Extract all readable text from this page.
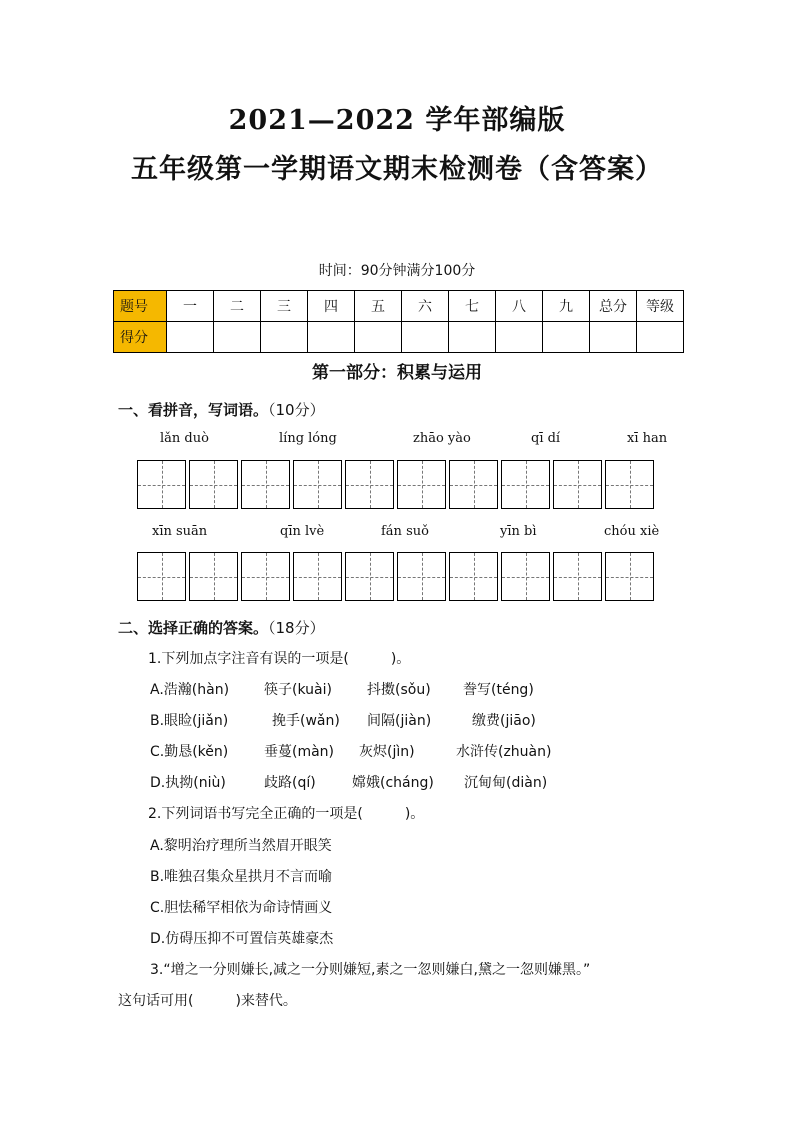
2021—2022 学年部编版
五年级第一学期语文期末检测卷（含答案）
时间：90分钟满分100分
题号	一	二	三	四	五	六	七	八	九	总分	等级
得分											
第一部分：积累与运用
一、看拼音，写词语。（10分）
lǎn duò	líng lóng	zhāo yào	qī dí	xī han
xīn suān	qīn lvè	fán suǒ	yīn bì	chóu xiè
二、选择正确的答案。（18分）
1.下列加点字注音有误的一项是(　　　)。
A.浩瀚(hàn) 筷子(kuài)	抖擞(sǒu) 誊写(téng)
B.眼睑(jiǎn)	挽手(wǎn) 间隔(jiàn)	缴费(jiāo)
C.勤恳(kěn)	垂蔓(màn) 灰烬(jìn)	水浒传(zhuàn)
D.执拗(niù)	歧路(qí)	嫦娥(cháng) 沉甸甸(diàn)
2.下列词语书写完全正确的一项是(　　　)。
A.黎明治疗理所当然眉开眼笑
B.唯独召集众星拱月不言而喻
C.胆怯稀罕相依为命诗情画义
D.仿碍压抑不可置信英雄豪杰
3.“增之一分则嫌长,减之一分则嫌短,素之一忽则嫌白,黛之一忽则嫌黑。”
这句话可用(　　　)来替代。
